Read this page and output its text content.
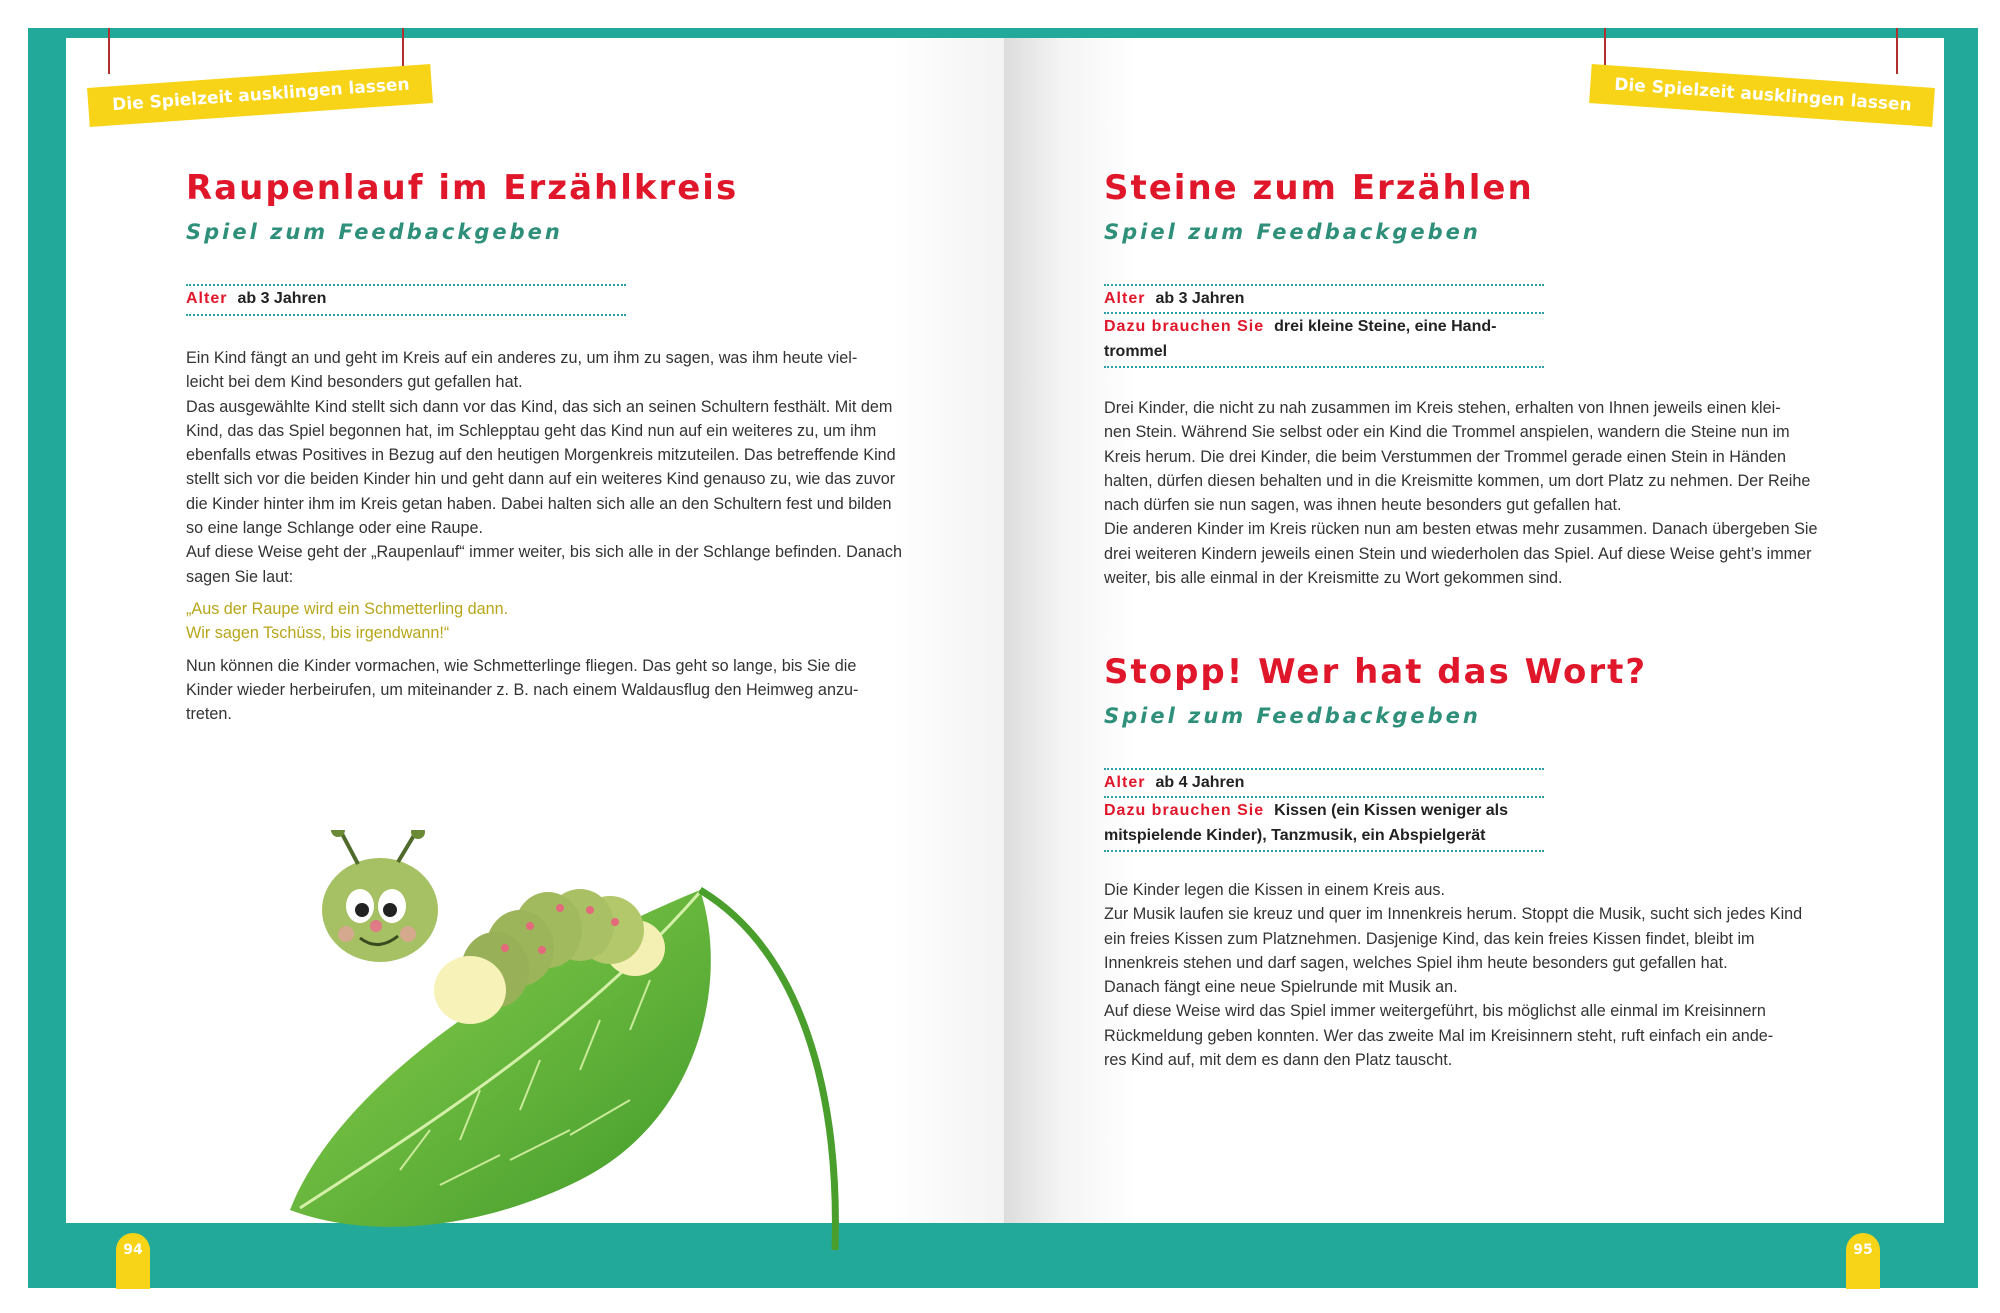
Die Spielzeit ausklingen lassen	Die Spielzeit ausklingen lassen
Raupenlauf im Erzählkreis
Spiel zum Feedbackgeben
Alter ab 3 Jahren

Ein Kind fängt an und geht im Kreis auf ein anderes zu, um ihm zu sagen, was ihm heute viel-
leicht bei dem Kind besonders gut gefallen hat.

Das ausgewählte Kind stellt sich dann vor das Kind, das sich an seinen Schultern festhält. Mit dem Kind, das das Spiel begonnen hat, im Schlepptau geht das Kind nun auf ein weiteres zu, um ihm ebenfalls etwas Positives in Bezug auf den heutigen Morgenkreis mitzuteilen. Das betreffende Kind stellt sich vor die beiden Kinder hin und geht dann auf ein weiteres Kind genauso zu, wie das zuvor die Kinder hinter ihm im Kreis getan haben. Dabei halten sich alle an den Schultern fest und bilden so eine lange Schlange oder eine Raupe.

Auf diese Weise geht der „Raupenlauf“ immer weiter, bis sich alle in der Schlange befinden. Danach sagen Sie laut:

„Aus der Raupe wird ein Schmetterling dann.
Wir sagen Tschüss, bis irgendwann!“

Nun können die Kinder vormachen, wie Schmetterlinge fliegen. Das geht so lange, bis Sie die Kinder wieder herbeirufen, um miteinander z. B. nach einem Waldausflug den Heimweg anzu-
treten.

Steine zum Erzählen
Spiel zum Feedbackgeben
Alter ab 3 Jahren
Dazu brauchen Sie drei kleine Steine, eine Hand-
trommel

Drei Kinder, die nicht zu nah zusammen im Kreis stehen, erhalten von Ihnen jeweils einen klei-
nen Stein. Während Sie selbst oder ein Kind die Trommel anspielen, wandern die Steine nun im Kreis herum. Die drei Kinder, die beim Verstummen der Trommel gerade einen Stein in Händen halten, dürfen diesen behalten und in die Kreismitte kommen, um dort Platz zu nehmen. Der Reihe nach dürfen sie nun sagen, was ihnen heute besonders gut gefallen hat.

Die anderen Kinder im Kreis rücken nun am besten etwas mehr zusammen. Danach übergeben Sie drei weiteren Kindern jeweils einen Stein und wiederholen das Spiel. Auf diese Weise geht’s immer weiter, bis alle einmal in der Kreismitte zu Wort gekommen sind.

Stopp! Wer hat das Wort?
Spiel zum Feedbackgeben
Alter ab 4 Jahren
Dazu brauchen Sie Kissen (ein Kissen weniger als
mitspielende Kinder), Tanzmusik, ein Abspielgerät

Die Kinder legen die Kissen in einem Kreis aus.

Zur Musik laufen sie kreuz und quer im Innenkreis herum. Stoppt die Musik, sucht sich jedes Kind ein freies Kissen zum Platznehmen. Dasjenige Kind, das kein freies Kissen findet, bleibt im Innenkreis stehen und darf sagen, welches Spiel ihm heute besonders gut gefallen hat.

Danach fängt eine neue Spielrunde mit Musik an.

Auf diese Weise wird das Spiel immer weitergeführt, bis möglichst alle einmal im Kreisinnern Rückmeldung geben konnten. Wer das zweite Mal im Kreisinnern steht, ruft einfach ein ande-
res Kind auf, mit dem es dann den Platz tauscht.

94	95
